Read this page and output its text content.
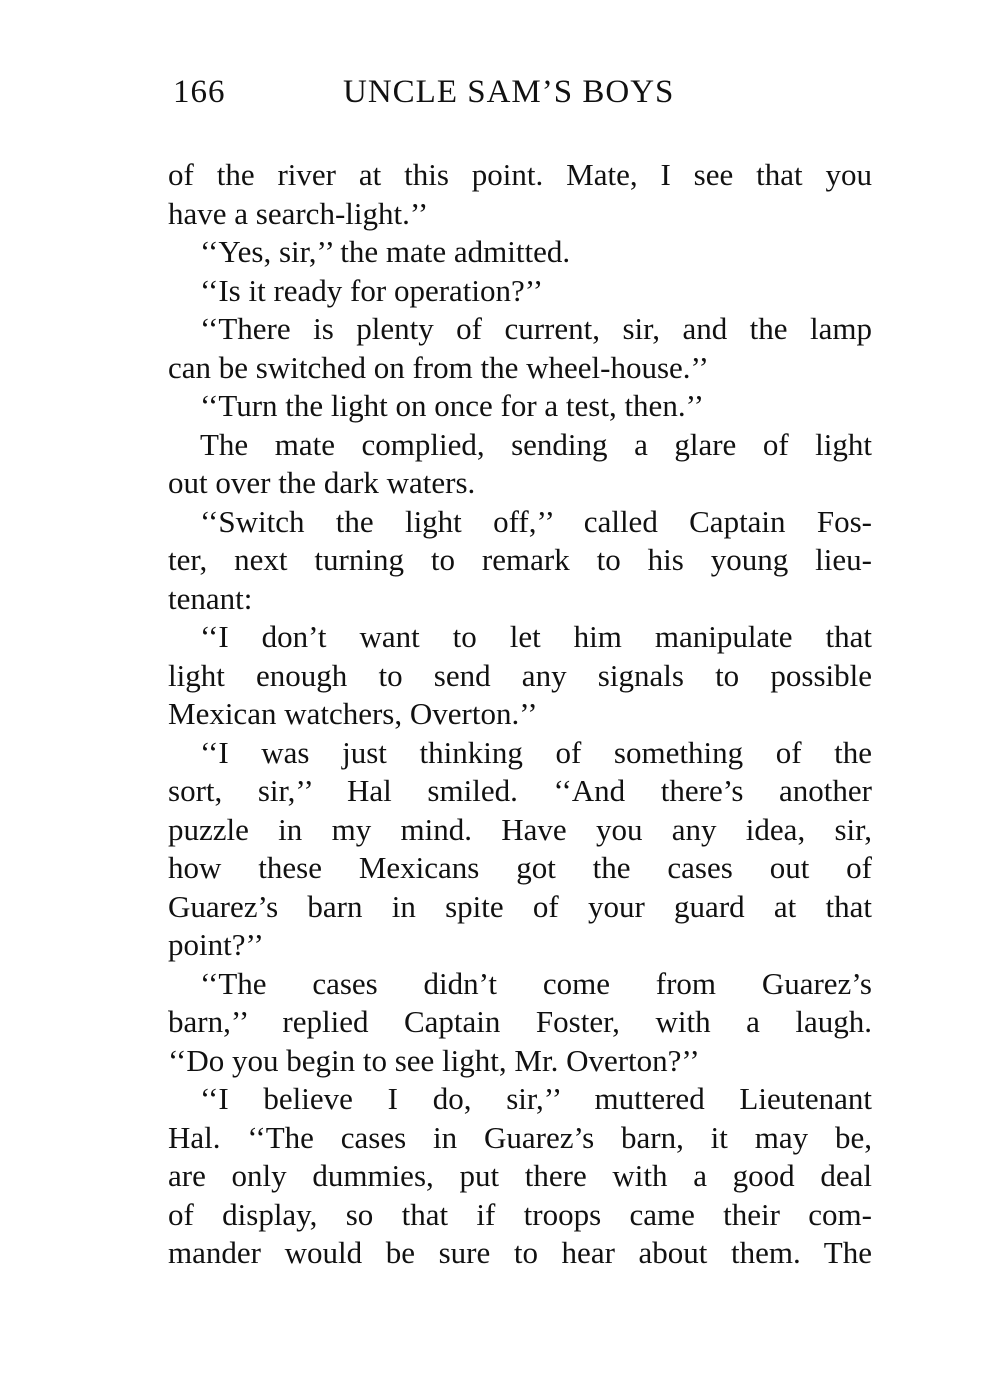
166	UNCLE SAM’S BOYS
of the river at this point. Mate, I see that you
have a search-light.’’
‘‘Yes, sir,’’ the mate admitted.
‘‘Is it ready for operation?’’
‘‘There is plenty of current, sir, and the lamp
can be switched on from the wheel-house.’’
‘‘Turn the light on once for a test, then.’’
The mate complied, sending a glare of light
out over the dark waters.
‘‘Switch the light off,’’ called Captain Fos-
ter, next turning to remark to his young lieu-
tenant:
‘‘I don’t want to let him manipulate that
light enough to send any signals to possible
Mexican watchers, Overton.’’
‘‘I was just thinking of something of the
sort, sir,’’ Hal smiled. ‘‘And there’s another
puzzle in my mind. Have you any idea, sir,
how these Mexicans got the cases out of
Guarez’s barn in spite of your guard at that
point?’’
‘‘The cases didn’t come from Guarez’s
barn,’’ replied Captain Foster, with a laugh.
‘‘Do you begin to see light, Mr. Overton?’’
‘‘I believe I do, sir,’’ muttered Lieutenant
Hal. ‘‘The cases in Guarez’s barn, it may be,
are only dummies, put there with a good deal
of display, so that if troops came their com-
mander would be sure to hear about them. The
